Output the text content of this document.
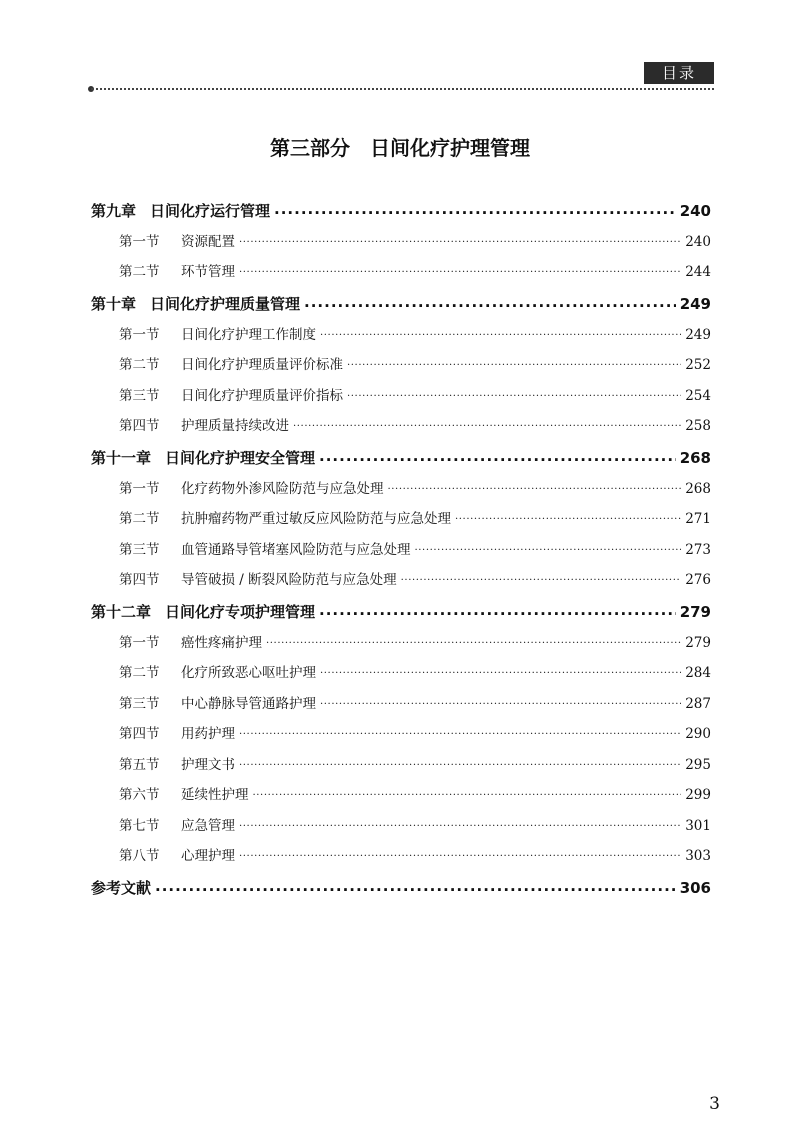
目录
第三部分　日间化疗护理管理
第九章 日间化疗运行管理 .....	240
第一节	资源配置 .....	240
第二节	环节管理 .....	244
第十章 日间化疗护理质量管理 .....	249
第一节	日间化疗护理工作制度 .....	249
第二节	日间化疗护理质量评价标准 .....	252
第三节	日间化疗护理质量评价指标 .....	254
第四节	护理质量持续改进 .....	258
第十一章 日间化疗护理安全管理 .....	268
第一节	化疗药物外渗风险防范与应急处理 .....	268
第二节	抗肿瘤药物严重过敏反应风险防范与应急处理 .....	271
第三节	血管通路导管堵塞风险防范与应急处理 .....	273
第四节	导管破损 / 断裂风险防范与应急处理 .....	276
第十二章 日间化疗专项护理管理 .....	279
第一节	癌性疼痛护理 .....	279
第二节	化疗所致恶心呕吐护理 .....	284
第三节	中心静脉导管通路护理 .....	287
第四节	用药护理 .....	290
第五节	护理文书 .....	295
第六节	延续性护理 .....	299
第七节	应急管理 .....	301
第八节	心理护理 .....	303
参考文献 .....	306
3
